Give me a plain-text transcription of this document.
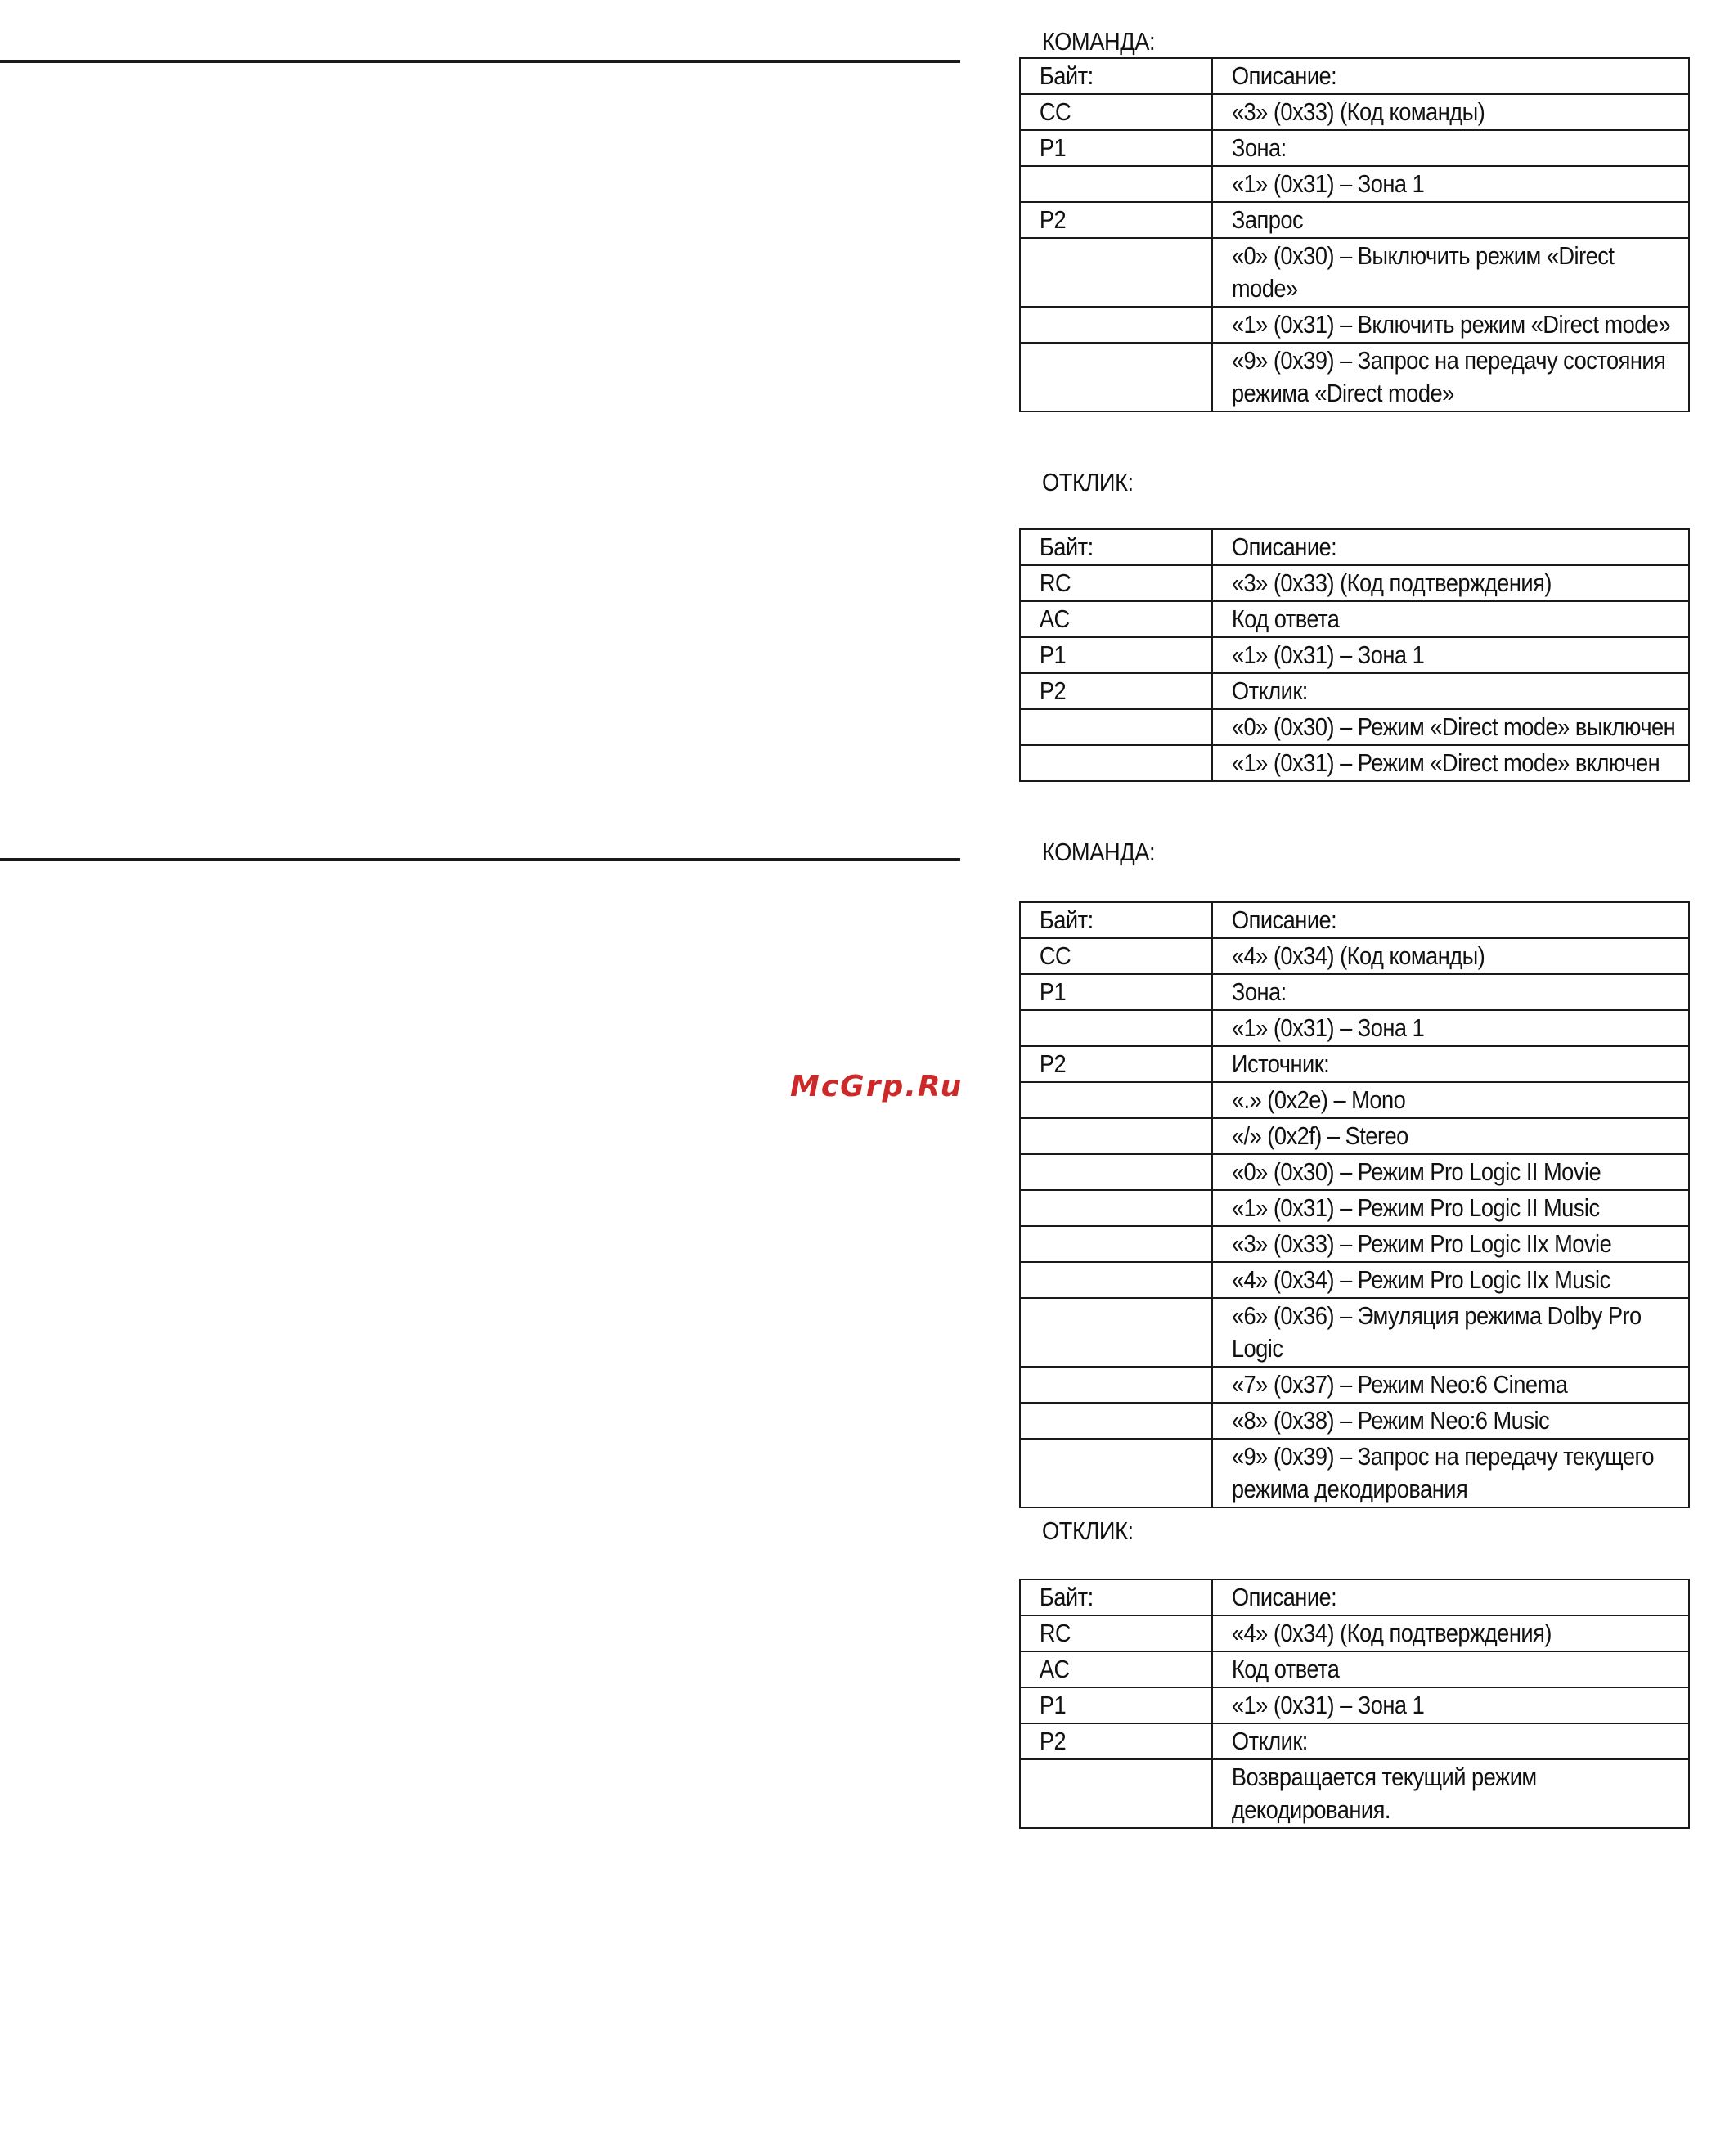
КОМАНДА:
Байт:	Описание:

CC	«3» (0x33) (Код команды)

P1	Зона:

	«1» (0x31) – Зона 1

P2	Запрос

	«0» (0x30) – Выключить режим «Direct mode»

	«1» (0x31) – Включить режим «Direct mode»

	«9» (0x39) – Запрос на передачу состояния режима «Direct mode»
ОТКЛИК:
Байт:	Описание:

RC	«3» (0x33) (Код подтверждения)

AC	Код ответа

P1	«1» (0x31) – Зона 1

P2	Отклик:

	«0» (0x30) – Режим «Direct mode» выключен

	«1» (0x31) – Режим «Direct mode» включен
КОМАНДА:
Байт:	Описание:

CC	«4» (0x34) (Код команды)

P1	Зона:

	«1» (0x31) – Зона 1

P2	Источник:

	«.» (0x2e) – Mono

	«/» (0x2f) – Stereo

	«0» (0x30) – Режим Pro Logic II Movie

	«1» (0x31) – Режим Pro Logic II Music

	«3» (0x33) – Режим Pro Logic IIx Movie

	«4» (0x34) – Режим Pro Logic IIx Music

	«6» (0x36) – Эмуляция режима Dolby Pro Logic

	«7» (0x37) – Режим Neo:6 Cinema

	«8» (0x38) – Режим Neo:6 Music

	«9» (0x39) – Запрос на передачу текущего режима декодирования
ОТКЛИК:
Байт:	Описание:

RC	«4» (0x34) (Код подтверждения)

AC	Код ответа

P1	«1» (0x31) – Зона 1

P2	Отклик:

	Возвращается текущий режим декодирования.
McGrp.Ru
